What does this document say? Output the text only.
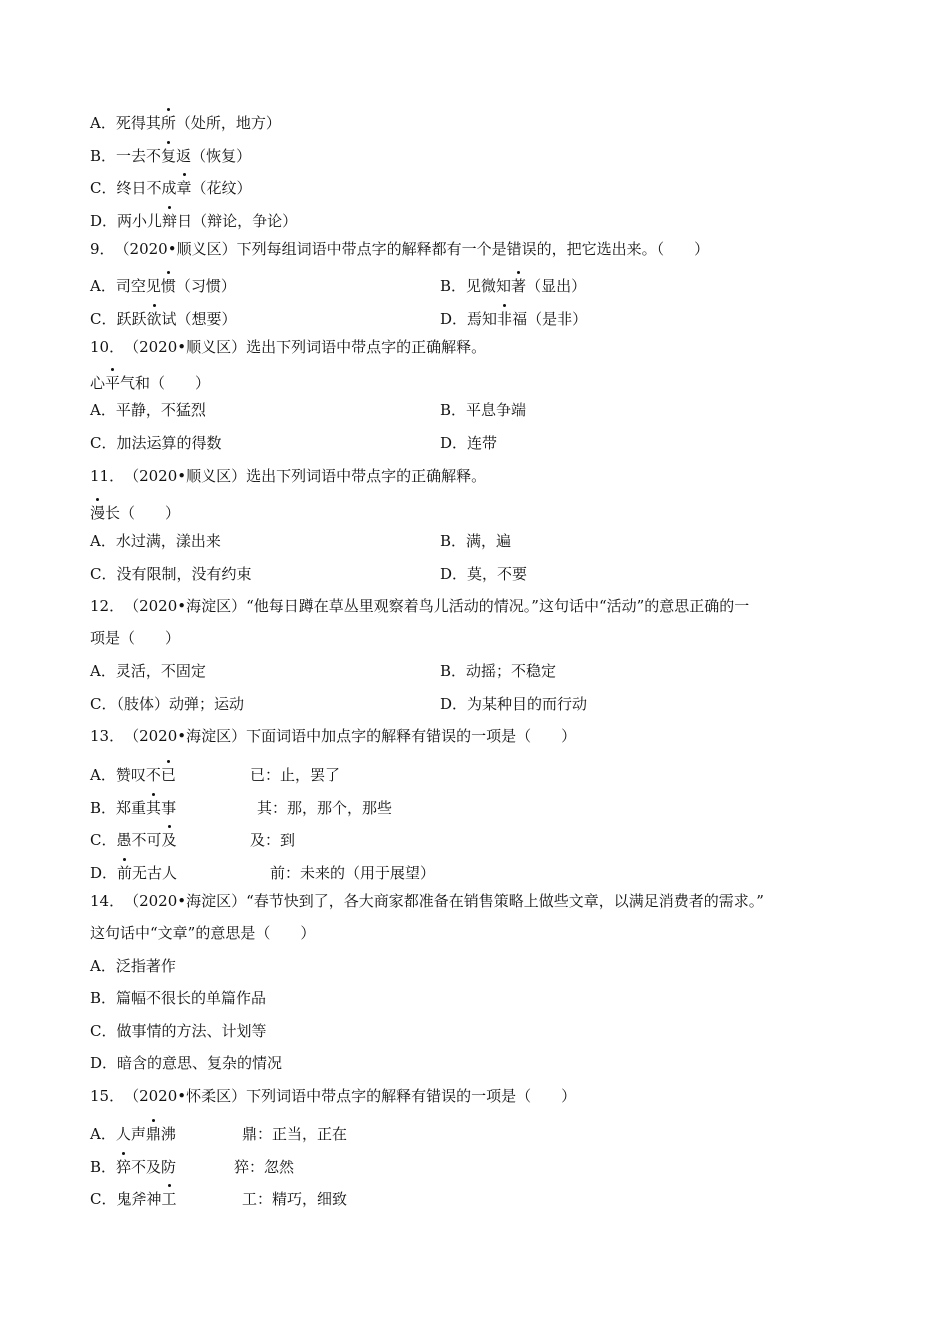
A．死得其所（处所，地方）
B．一去不复返（恢复）
C．终日不成章（花纹）
D．两小儿辩日（辩论，争论）
9．　（2020•顺义区）下列每组词语中带点字的解释都有一个是错误的，把它选出来。（　　）
A．司空见惯（习惯）	B．见微知著（显出）
C．跃跃欲试（想要）	D．焉知非福（是非）
10．　（2020•顺义区）选出下列词语中带点字的正确解释。
心平气和（　　）
A．平静，不猛烈	B．平息争端
C．加法运算的得数	D．连带
11．　（2020•顺义区）选出下列词语中带点字的正确解释。
漫长（　　）
A．水过满，漾出来	B．满，遍
C．没有限制，没有约束	D．莫，不要
12．　（2020•海淀区）“他每日蹲在草丛里观察着鸟儿活动的情况。”这句话中“活动”的意思正确的一
项是（　　）
A．灵活，不固定	B．动摇；不稳定
C．（肢体）动弹；运动	D．为某种目的而行动
13．　（2020•海淀区）下面词语中加点字的解释有错误的一项是（　　）
A．赞叹不已	已：止，罢了
B．郑重其事	其：那，那个，那些
C．愚不可及	及：到
D．前无古人	前：未来的（用于展望）
14．　（2020•海淀区）“春节快到了，各大商家都准备在销售策略上做些文章，以满足消费者的需求。”
这句话中“文章”的意思是（　　）
A．泛指著作
B．篇幅不很长的单篇作品
C．做事情的方法、计划等
D．暗含的意思、复杂的情况
15．　（2020•怀柔区）下列词语中带点字的解释有错误的一项是（　　）
A．人声鼎沸	鼎：正当，正在
B．猝不及防	猝：忽然
C．鬼斧神工	工：精巧，细致
